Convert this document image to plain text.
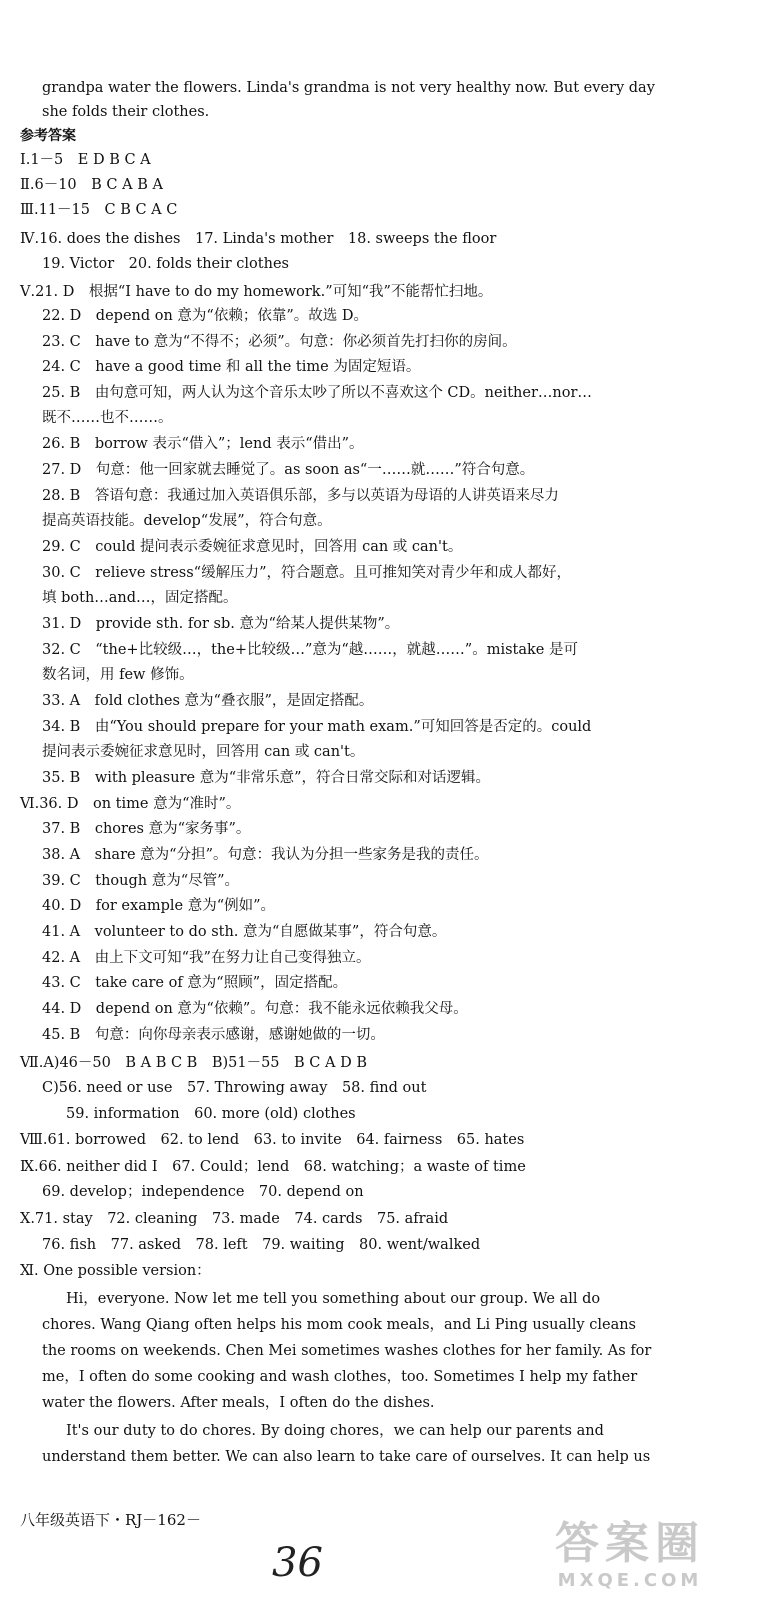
grandpa water the flowers. Linda's grandma is not very healthy now. But every day
she folds their clothes.
参考答案
Ⅰ.1－5　E D B C A
Ⅱ.6－10　B C A B A
Ⅲ.11－15　C B C A C
Ⅳ.16. does the dishes　17. Linda's mother　18. sweeps the floor
19. Victor　20. folds their clothes
Ⅴ.21. D　根据“I have to do my homework.”可知“我”不能帮忙扫地。
22. D　depend on 意为“依赖；依靠”。故选 D。
23. C　have to 意为“不得不；必须”。句意：你必须首先打扫你的房间。
24. C　have a good time 和 all the time 为固定短语。
25. B　由句意可知，两人认为这个音乐太吵了所以不喜欢这个 CD。neither…nor…
既不……也不……。
26. B　borrow 表示“借入”；lend 表示“借出”。
27. D　句意：他一回家就去睡觉了。as soon as“一……就……”符合句意。
28. B　答语句意：我通过加入英语俱乐部，多与以英语为母语的人讲英语来尽力
提高英语技能。develop“发展”，符合句意。
29. C　could 提问表示委婉征求意见时，回答用 can 或 can't。
30. C　relieve stress“缓解压力”，符合题意。且可推知笑对青少年和成人都好，
填 both…and…，固定搭配。
31. D　provide sth. for sb. 意为“给某人提供某物”。
32. C　“the+比较级…，the+比较级…”意为“越……，就越……”。mistake 是可
数名词，用 few 修饰。
33. A　fold clothes 意为“叠衣服”，是固定搭配。
34. B　由“You should prepare for your math exam.”可知回答是否定的。could
提问表示委婉征求意见时，回答用 can 或 can't。
35. B　with pleasure 意为“非常乐意”，符合日常交际和对话逻辑。
Ⅵ.36. D　on time 意为“准时”。
37. B　chores 意为“家务事”。
38. A　share 意为“分担”。句意：我认为分担一些家务是我的责任。
39. C　though 意为“尽管”。
40. D　for example 意为“例如”。
41. A　volunteer to do sth. 意为“自愿做某事”，符合句意。
42. A　由上下文可知“我”在努力让自己变得独立。
43. C　take care of 意为“照顾”，固定搭配。
44. D　depend on 意为“依赖”。句意：我不能永远依赖我父母。
45. B　句意：向你母亲表示感谢，感谢她做的一切。
Ⅶ.A)46－50　B A B C B　B)51－55　B C A D B
C)56. need or use　57. Throwing away　58. find out
59. information　60. more (old) clothes
Ⅷ.61. borrowed　62. to lend　63. to invite　64. fairness　65. hates
Ⅸ.66. neither did I　67. Could；lend　68. watching；a waste of time
69. develop；independence　70. depend on
Ⅹ.71. stay　72. cleaning　73. made　74. cards　75. afraid
76. fish　77. asked　78. left　79. waiting　80. went/walked
Ⅺ. One possible version：
Hi，everyone. Now let me tell you something about our group. We all do
chores. Wang Qiang often helps his mom cook meals，and Li Ping usually cleans
the rooms on weekends. Chen Mei sometimes washes clothes for her family. As for
me，I often do some cooking and wash clothes，too. Sometimes I help my father
water the flowers. After meals，I often do the dishes.
It's our duty to do chores. By doing chores，we can help our parents and
understand them better. We can also learn to take care of ourselves. It can help us
八年级英语下・RJ－162－
36	答案圈
MXQE.COM
